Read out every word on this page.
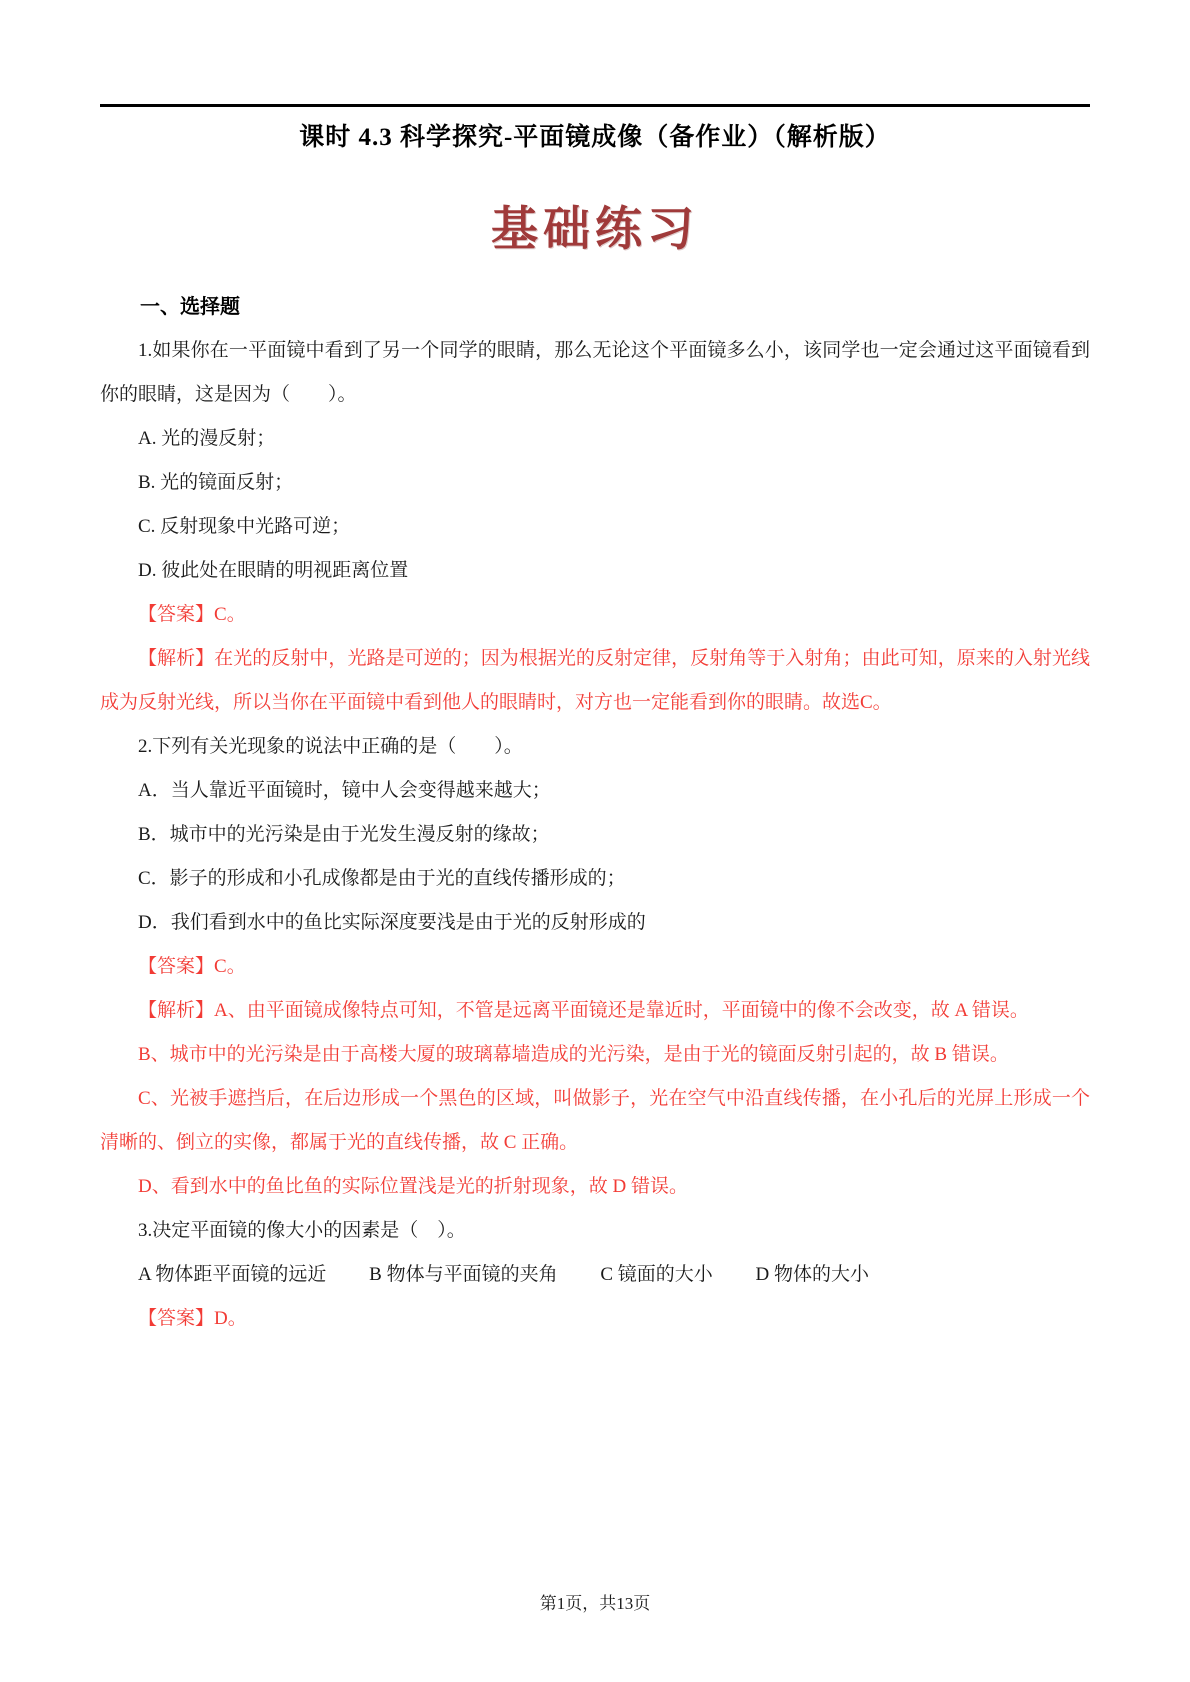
课时 4.3 科学探究-平面镜成像（备作业）（解析版）
基础练习
一、选择题

1.如果你在一平面镜中看到了另一个同学的眼睛，那么无论这个平面镜多么小，该同学也一定会通过这平面镜看到你的眼睛，这是因为（　　）。

A. 光的漫反射；

B. 光的镜面反射；

C. 反射现象中光路可逆；

D. 彼此处在眼睛的明视距离位置

【答案】C。

【解析】在光的反射中，光路是可逆的；因为根据光的反射定律，反射角等于入射角；由此可知，原来的入射光线成为反射光线，所以当你在平面镜中看到他人的眼睛时，对方也一定能看到你的眼睛。故选C。

2.下列有关光现象的说法中正确的是（　　）。

A．当人靠近平面镜时，镜中人会变得越来越大；

B．城市中的光污染是由于光发生漫反射的缘故；

C．影子的形成和小孔成像都是由于光的直线传播形成的；

D．我们看到水中的鱼比实际深度要浅是由于光的反射形成的

【答案】C。

【解析】A、由平面镜成像特点可知，不管是远离平面镜还是靠近时，平面镜中的像不会改变，故 A 错误。

B、城市中的光污染是由于高楼大厦的玻璃幕墙造成的光污染，是由于光的镜面反射引起的，故 B 错误。

C、光被手遮挡后，在后边形成一个黑色的区域，叫做影子，光在空气中沿直线传播，在小孔后的光屏上形成一个清晰的、倒立的实像，都属于光的直线传播，故 C 正确。

D、看到水中的鱼比鱼的实际位置浅是光的折射现象，故 D 错误。

3.决定平面镜的像大小的因素是（　）。

A 物体距平面镜的远近　　 B 物体与平面镜的夹角　　 C 镜面的大小　　 D 物体的大小

【答案】D。

第1页，共13页
